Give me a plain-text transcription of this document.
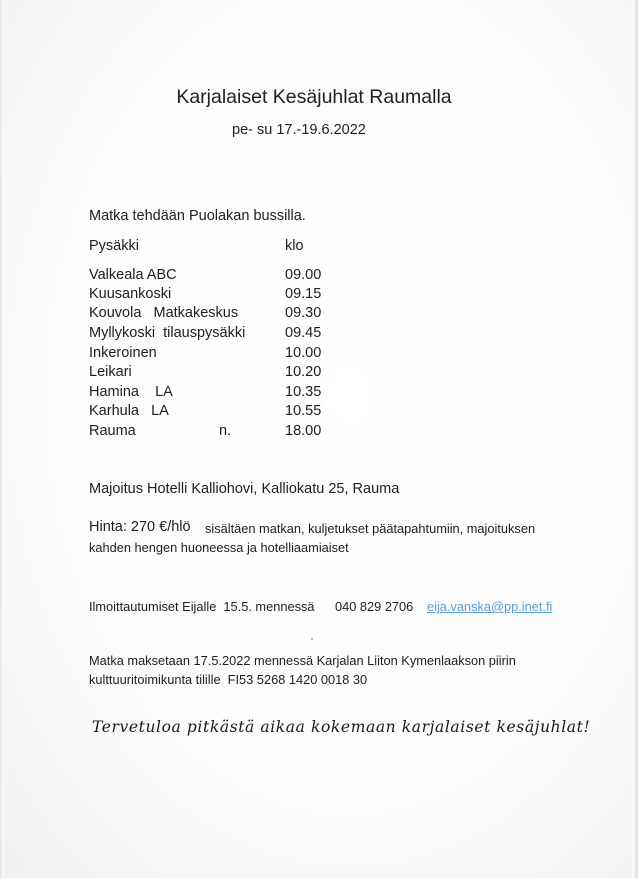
Karjalaiset Kesäjuhlat Raumalla
pe- su 17.-19.6.2022
Matka tehdään Puolakan bussilla.
Pysäkki	klo
Valkeala ABC	09.00
Kuusankoski	09.15
Kouvola   Matkakeskus	09.30
Myllykoski  tilauspysäkki	09.45
Inkeroinen	10.00
Leikari	10.20
Hamina    LA	10.35
Karhula   LA	10.55
Rauma	n.	18.00
Majoitus Hotelli Kalliohovi, Kalliokatu 25, Rauma
Hinta: 270 €/hlö sisältäen matkan, kuljetukset päätapahtumiin, majoituksen
kahden hengen huoneessa ja hotelliaamiaiset
Ilmoittautumiset Eijalle  15.5. mennessä 040 829 2706 eija.vanska@pp.inet.fi
Matka maksetaan 17.5.2022 mennessä Karjalan Liiton Kymenlaakson piirin
kulttuuritoimikunta tilille  FI53 5268 1420 0018 30
Tervetuloa pitkästä aikaa kokemaan karjalaiset kesäjuhlat!
